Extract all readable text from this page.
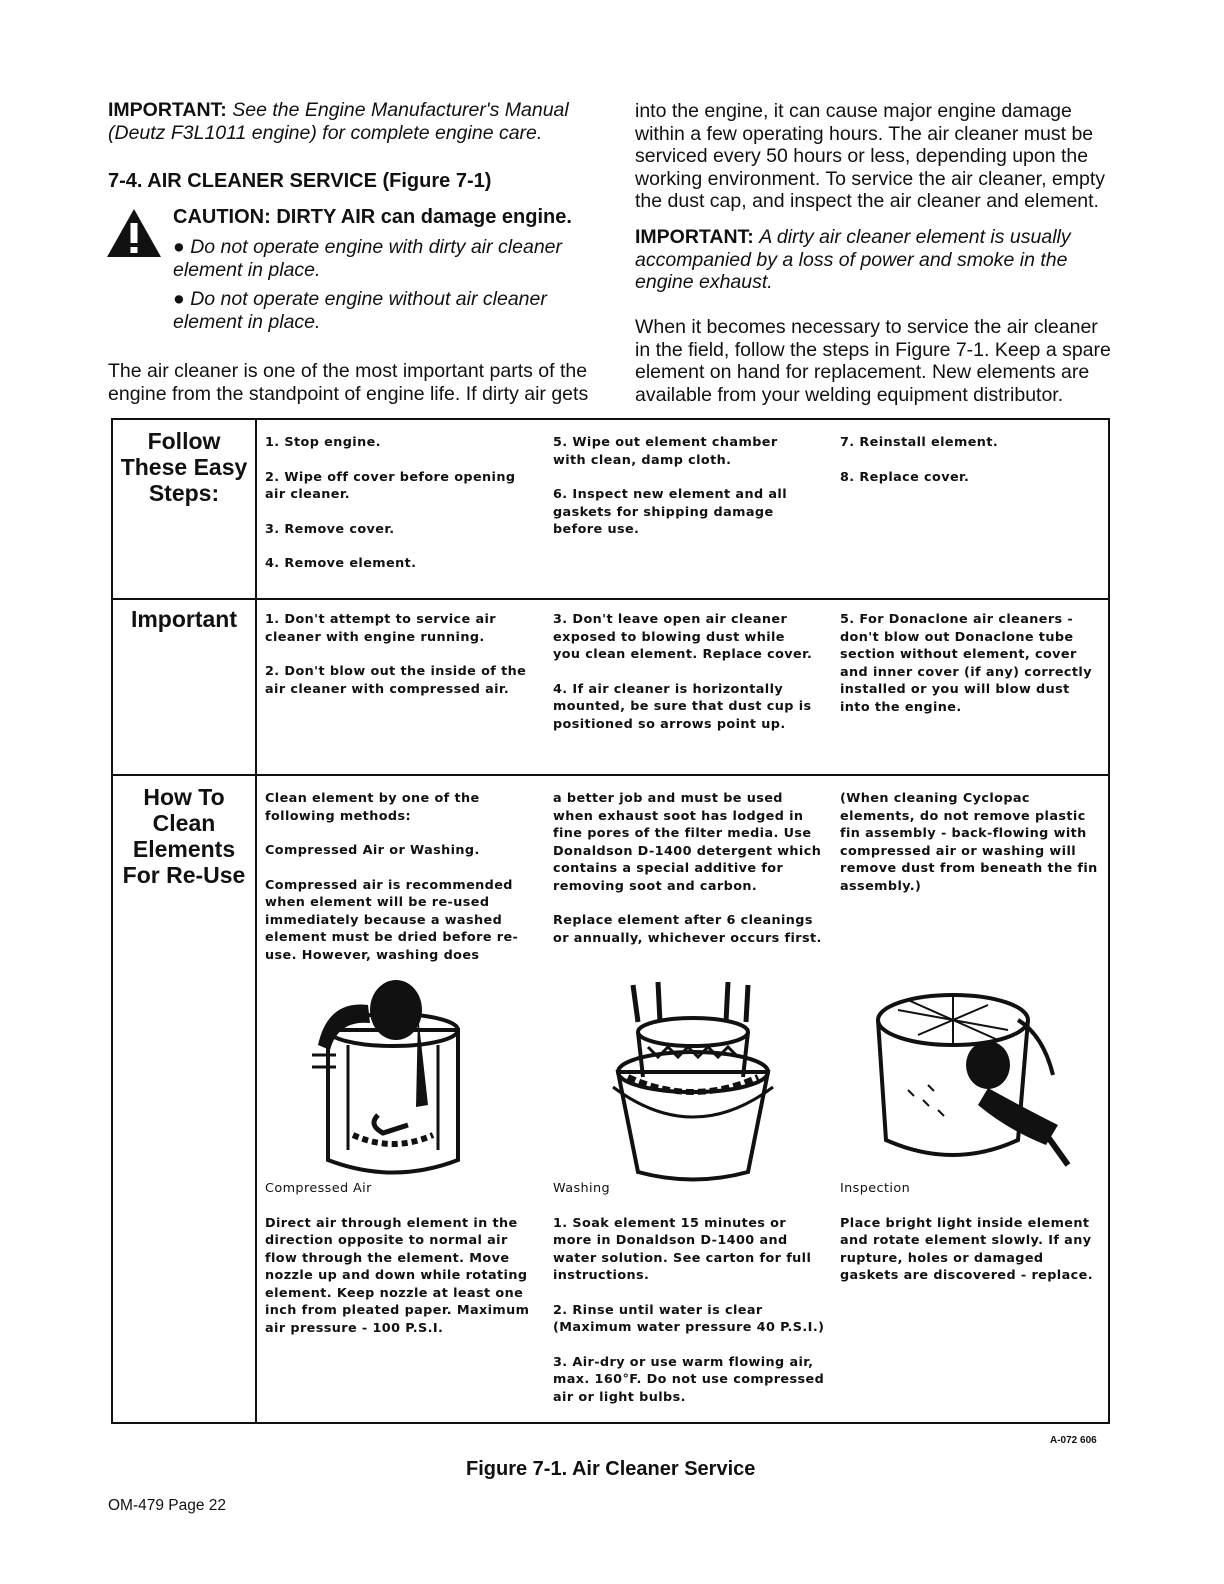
IMPORTANT: See the Engine Manufacturer's Manual (Deutz F3L1011 engine) for complete engine care.
7-4. AIR CLEANER SERVICE (Figure 7-1)
CAUTION: DIRTY AIR can damage engine.
● Do not operate engine with dirty air cleaner element in place.
● Do not operate engine without air cleaner element in place.
The air cleaner is one of the most important parts of the engine from the standpoint of engine life. If dirty air gets
into the engine, it can cause major engine damage within a few operating hours. The air cleaner must be serviced every 50 hours or less, depending upon the working environment. To service the air cleaner, empty the dust cap, and inspect the air cleaner and element.
IMPORTANT: A dirty air cleaner element is usually accompanied by a loss of power and smoke in the engine exhaust.
When it becomes necessary to service the air cleaner in the field, follow the steps in Figure 7-1. Keep a spare element on hand for replacement. New elements are available from your welding equipment distributor.
Follow These Easy Steps:

1. Stop engine.

2. Wipe off cover before opening air cleaner.

3. Remove cover.

4. Remove element.

5. Wipe out element chamber with clean, damp cloth.

6. Inspect new element and all gaskets for shipping damage before use.

7. Reinstall element.

8. Replace cover.

Important	1. Don't attempt to service air cleaner with engine running.

2. Don't blow out the inside of the air cleaner with compressed air.

3. Don't leave open air cleaner exposed to blowing dust while you clean element. Replace cover.

4. If air cleaner is horizontally mounted, be sure that dust cup is positioned so arrows point up.

5. For Donaclone air cleaners - don't blow out Donaclone tube section without element, cover and inner cover (if any) correctly installed or you will blow dust into the engine.

How To Clean Elements For Re-Use

Clean element by one of the following methods:

Compressed Air or Washing.

Compressed air is recommended when element will be re-used immediately because a washed element must be dried before re-use. However, washing does

a better job and must be used when exhaust soot has lodged in fine pores of the filter media. Use Donaldson D-1400 detergent which contains a special additive for removing soot and carbon.

Replace element after 6 cleanings or annually, whichever occurs first.

(When cleaning Cyclopac elements, do not remove plastic fin assembly - back-flowing with compressed air or washing will remove dust from beneath the fin assembly.)

Compressed Air

Direct air through element in the direction opposite to normal air flow through the element. Move nozzle up and down while rotating element. Keep nozzle at least one inch from pleated paper. Maximum air pressure - 100 P.S.I.

Washing

1. Soak element 15 minutes or more in Donaldson D-1400 and water solution. See carton for full instructions.

2. Rinse until water is clear (Maximum water pressure 40 P.S.I.)

3. Air-dry or use warm flowing air, max. 160°F. Do not use compressed air or light bulbs.

Inspection

Place bright light inside element and rotate element slowly. If any rupture, holes or damaged gaskets are discovered - replace.

A-072 606
Figure 7-1. Air Cleaner Service
OM-479 Page 22
